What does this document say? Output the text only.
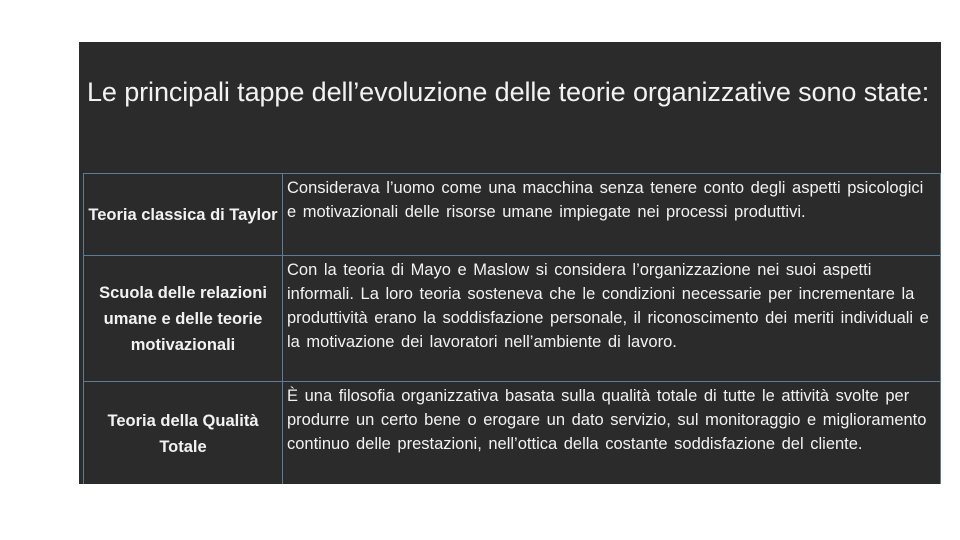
Le principali tappe dell’evoluzione delle teorie organizzative sono state:
Teoria classica di Taylor	Considerava l’uomo come una macchina senza tenere conto degli aspetti psicologici e motivazionali delle risorse umane impiegate nei processi produttivi.
Scuola delle relazioni umane e delle teorie motivazionali	Con la teoria di Mayo e Maslow si considera l’organizzazione nei suoi aspetti informali. La loro teoria sosteneva che le condizioni necessarie per incrementare la produttività erano la soddisfazione personale, il riconoscimento dei meriti individuali e la motivazione dei lavoratori nell’ambiente di lavoro.
Teoria della Qualità Totale	È una filosofia organizzativa basata sulla qualità totale di tutte le attività svolte per produrre un certo bene o erogare un dato servizio, sul monitoraggio e miglioramento continuo delle prestazioni, nell’ottica della costante soddisfazione del cliente.
